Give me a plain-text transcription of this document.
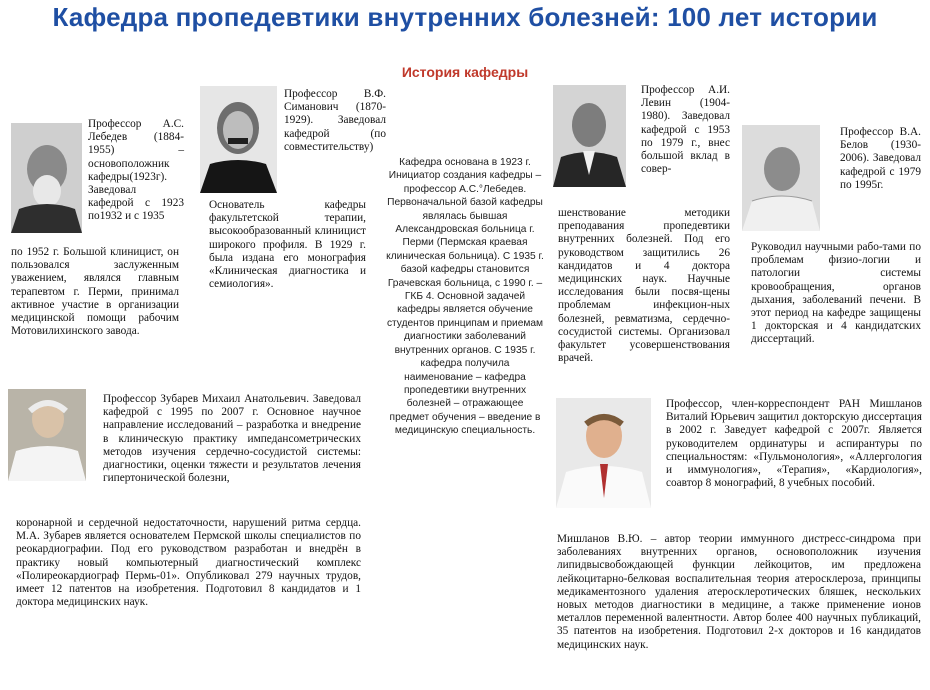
Кафедра пропедевтики внутренних болезней: 100 лет истории
История кафедры
Профессор А.С. Лебедев (1884-1955) – основоположник кафедры(1923г). Заведовал кафедрой с 1923 по1932 и с 1935
по 1952 г. Большой клиницист, он пользовался заслуженным уважением, являлся главным терапевтом г. Перми, принимал активное участие в организации медицинской помощи рабочим Мотовилихинского завода.
Профессор В.Ф. Симанович (1870-1929). Заведовал кафедрой (по совместительству)
Основатель кафедры факультетской терапии, высокообразованный клиницист широкого профиля. В 1929 г. была издана его монография «Клиническая диагностика и семиология».
Кафедра основана в 1923 г. Инициатор создания кафедры – профессор А.С.°Лебедев. Первоначальной базой кафедры являлась бывшая Александровская больница г. Перми (Пермская краевая клиническая больница). С 1935 г. базой кафедры становится Грачевская больница, с 1990 г. – ГКБ 4. Основной задачей кафедры является обучение студентов принципам и приемам диагностики заболеваний внутренних органов. С 1935 г. кафедра получила наименование – кафедра пропедевтики внутренних болезней – отражающее предмет обучения – введение в медицинскую специальность.
Профессор А.И. Левин (1904-1980). Заведовал кафедрой с 1953 по 1979 г., внес большой вклад в совер-
шенствование методики преподавания пропедевтики внутренних болезней. Под его руководством защитились 26 кандидатов и 4 доктора медицинских наук. Научные исследования были посвя-щены проблемам инфекцион-ных болезней, ревматизма, сердечно-сосудистой системы. Организовал факультет усовершенствования врачей.
Профессор В.А. Белов (1930-2006). Заведовал кафедрой с 1979 по 1995г.
Руководил научными рабо-тами по проблемам физио-логии и патологии системы кровообращения, органов дыхания, заболеваний печени. В этот период на кафедре защищены 1 докторская и 4 кандидатских диссертаций.
Профессор Зубарев Михаил Анатольевич. Заведовал кафедрой с 1995 по 2007 г. Основное научное направление исследований – разработка и внедрение в клиническую практику импедансометрических методов изучения сердечно-сосудистой системы: диагностики, оценки тяжести и результатов лечения гипертонической болезни,
коронарной и сердечной недостаточности, нарушений ритма сердца. М.А. Зубарев является основателем Пермской школы специалистов по реокардиографии. Под его руководством разработан и внедрён в практику новый компьютерный диагностический комплекс «Полиреокардиограф Пермь-01». Опубликовал 279 научных трудов, имеет 12 патентов на изобретения. Подготовил 8 кандидатов и 1 доктора медицинских наук.
Профессор, член-корреспондент РАН Мишланов Виталий Юрьевич защитил докторскую диссертация в 2002 г. Заведует кафедрой с 2007г. Является руководителем ординатуры и аспирантуры по специальностям: «Пульмонология», «Аллергология и иммунология», «Терапия», «Кардиология», соавтор 8 монографий, 8 учебных пособий.
Мишланов В.Ю. – автор теории иммунного дистресс-синдрома при заболеваниях внутренних органов, основоположник изучения липидвысвобождающей функции лейкоцитов, им предложена лейкоцитарно-белковая воспалительная теория атеросклероза, принципы медикаментозного удаления атеросклеротических бляшек, нескольких новых методов диагностики в медицине, а также применение ионов металлов переменной валентности. Автор более 400 научных публикаций, 35 патентов на изобретения. Подготовил 2-х докторов и 16 кандидатов медицинских наук.
